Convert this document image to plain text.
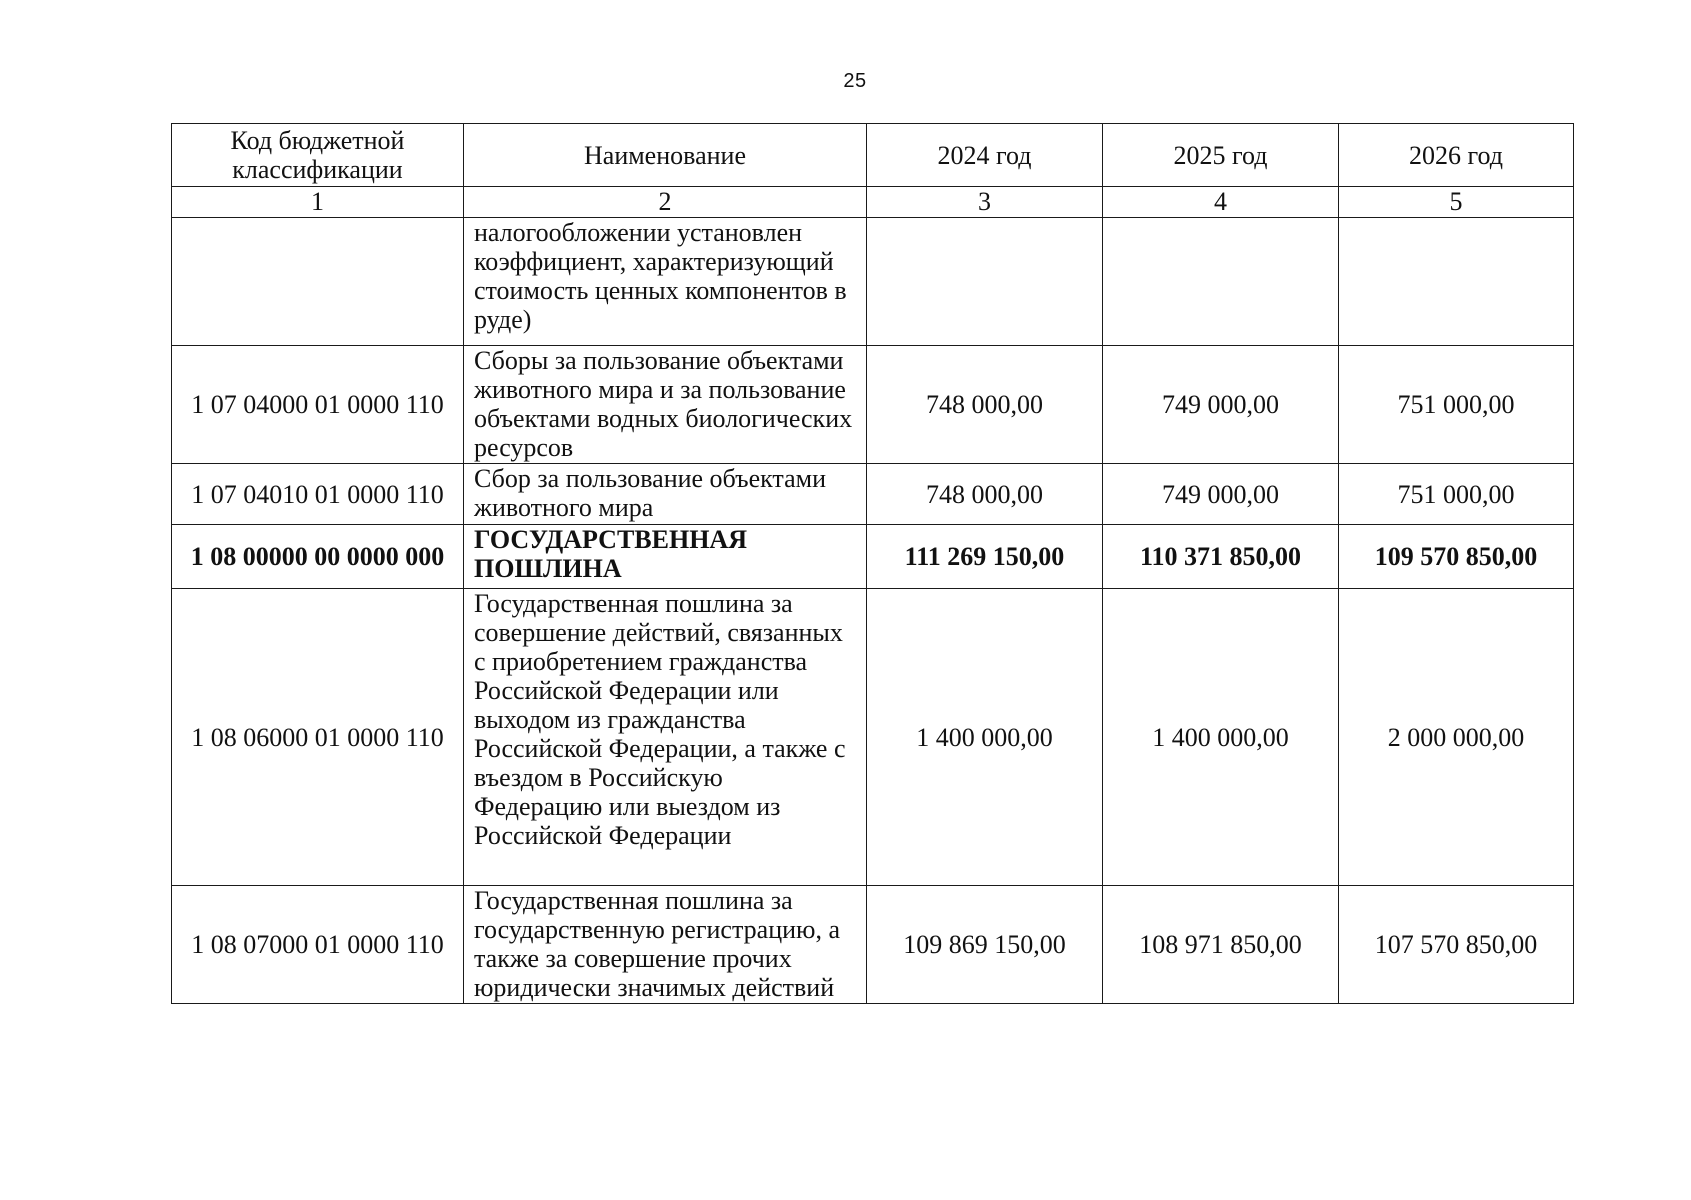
25
Код бюджетной классификации	Наименование	2024 год	2025 год	2026 год
1	2	3	4	5
	налогообложении установлен коэффициент, характеризующий стоимость ценных компонентов в руде)			
1 07 04000 01 0000 110	Сборы за пользование объектами животного мира и за пользование объектами водных биологических ресурсов	748 000,00	749 000,00	751 000,00
1 07 04010 01 0000 110	Сбор за пользование объектами животного мира	748 000,00	749 000,00	751 000,00
1 08 00000 00 0000 000	ГОСУДАРСТВЕННАЯ ПОШЛИНА	111 269 150,00	110 371 850,00	109 570 850,00
1 08 06000 01 0000 110	Государственная пошлина за совершение действий, связанных с приобретением гражданства Российской Федерации или выходом из гражданства Российской Федерации, а также с въездом в Российскую Федерацию или выездом из Российской Федерации	1 400 000,00	1 400 000,00	2 000 000,00
1 08 07000 01 0000 110	Государственная пошлина за государственную регистрацию, а также за совершение прочих юридически значимых действий	109 869 150,00	108 971 850,00	107 570 850,00
